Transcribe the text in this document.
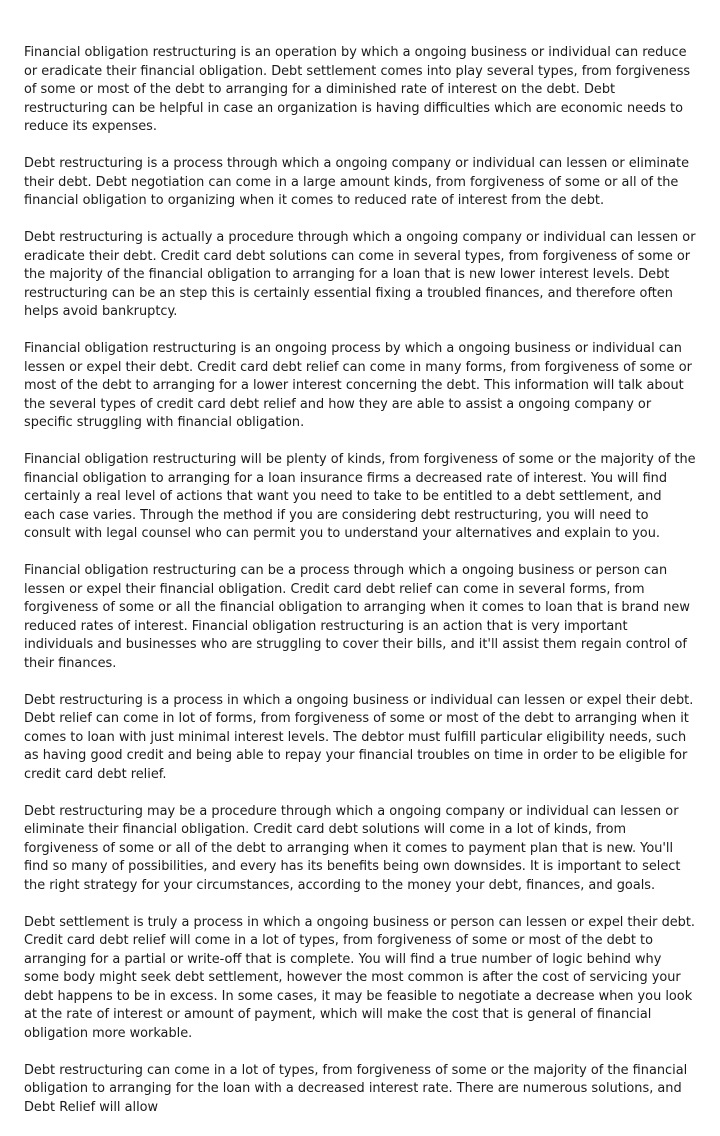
Financial obligation restructuring is an operation by which a ongoing business or individual can reduce or eradicate their financial obligation. Debt settlement comes into play several types, from forgiveness of some or most of the debt to arranging for a diminished rate of interest on the debt. Debt restructuring can be helpful in case an organization is having difficulties which are economic needs to reduce its expenses.

Debt restructuring is a process through which a ongoing company or individual can lessen or eliminate their debt. Debt negotiation can come in a large amount kinds, from forgiveness of some or all of the financial obligation to organizing when it comes to reduced rate of interest from the debt.

Debt restructuring is actually a procedure through which a ongoing company or individual can lessen or eradicate their debt. Credit card debt solutions can come in several types, from forgiveness of some or the majority of the financial obligation to arranging for a loan that is new lower interest levels. Debt restructuring can be an step this is certainly essential fixing a troubled finances, and therefore often helps avoid bankruptcy.

Financial obligation restructuring is an ongoing process by which a ongoing business or individual can lessen or expel their debt. Credit card debt relief can come in many forms, from forgiveness of some or most of the debt to arranging for a lower interest concerning the debt. This information will talk about the several types of credit card debt relief and how they are able to assist a ongoing company or specific struggling with financial obligation.

Financial obligation restructuring will be plenty of kinds, from forgiveness of some or the majority of the financial obligation to arranging for a loan insurance firms a decreased rate of interest. You will find certainly a real level of actions that want you need to take to be entitled to a debt settlement, and each case varies. Through the method if you are considering debt restructuring, you will need to consult with legal counsel who can permit you to understand your alternatives and explain to you.

Financial obligation restructuring can be a process through which a ongoing business or person can lessen or expel their financial obligation. Credit card debt relief can come in several forms, from forgiveness of some or all the financial obligation to arranging when it comes to loan that is brand new reduced rates of interest. Financial obligation restructuring is an action that is very important individuals and businesses who are struggling to cover their bills, and it'll assist them regain control of their finances.

Debt restructuring is a process in which a ongoing business or individual can lessen or expel their debt. Debt relief can come in lot of forms, from forgiveness of some or most of the debt to arranging when it comes to loan with just minimal interest levels. The debtor must fulfill particular eligibility needs, such as having good credit and being able to repay your financial troubles on time in order to be eligible for credit card debt relief.

Debt restructuring may be a procedure through which a ongoing company or individual can lessen or eliminate their financial obligation. Credit card debt solutions will come in a lot of kinds, from forgiveness of some or all of the debt to arranging when it comes to payment plan that is new. You'll find so many of possibilities, and every has its benefits being own downsides. It is important to select the right strategy for your circumstances, according to the money your debt, finances, and goals.

Debt settlement is truly a process in which a ongoing business or person can lessen or expel their debt. Credit card debt relief will come in a lot of types, from forgiveness of some or most of the debt to arranging for a partial or write-off that is complete. You will find a true number of logic behind why some body might seek debt settlement, however the most common is after the cost of servicing your debt happens to be in excess. In some cases, it may be feasible to negotiate a decrease when you look at the rate of interest or amount of payment, which will make the cost that is general of financial obligation more workable.

Debt restructuring can come in a lot of types, from forgiveness of some or the majority of the financial obligation to arranging for the loan with a decreased interest rate. There are numerous solutions, and Debt Relief will allow
